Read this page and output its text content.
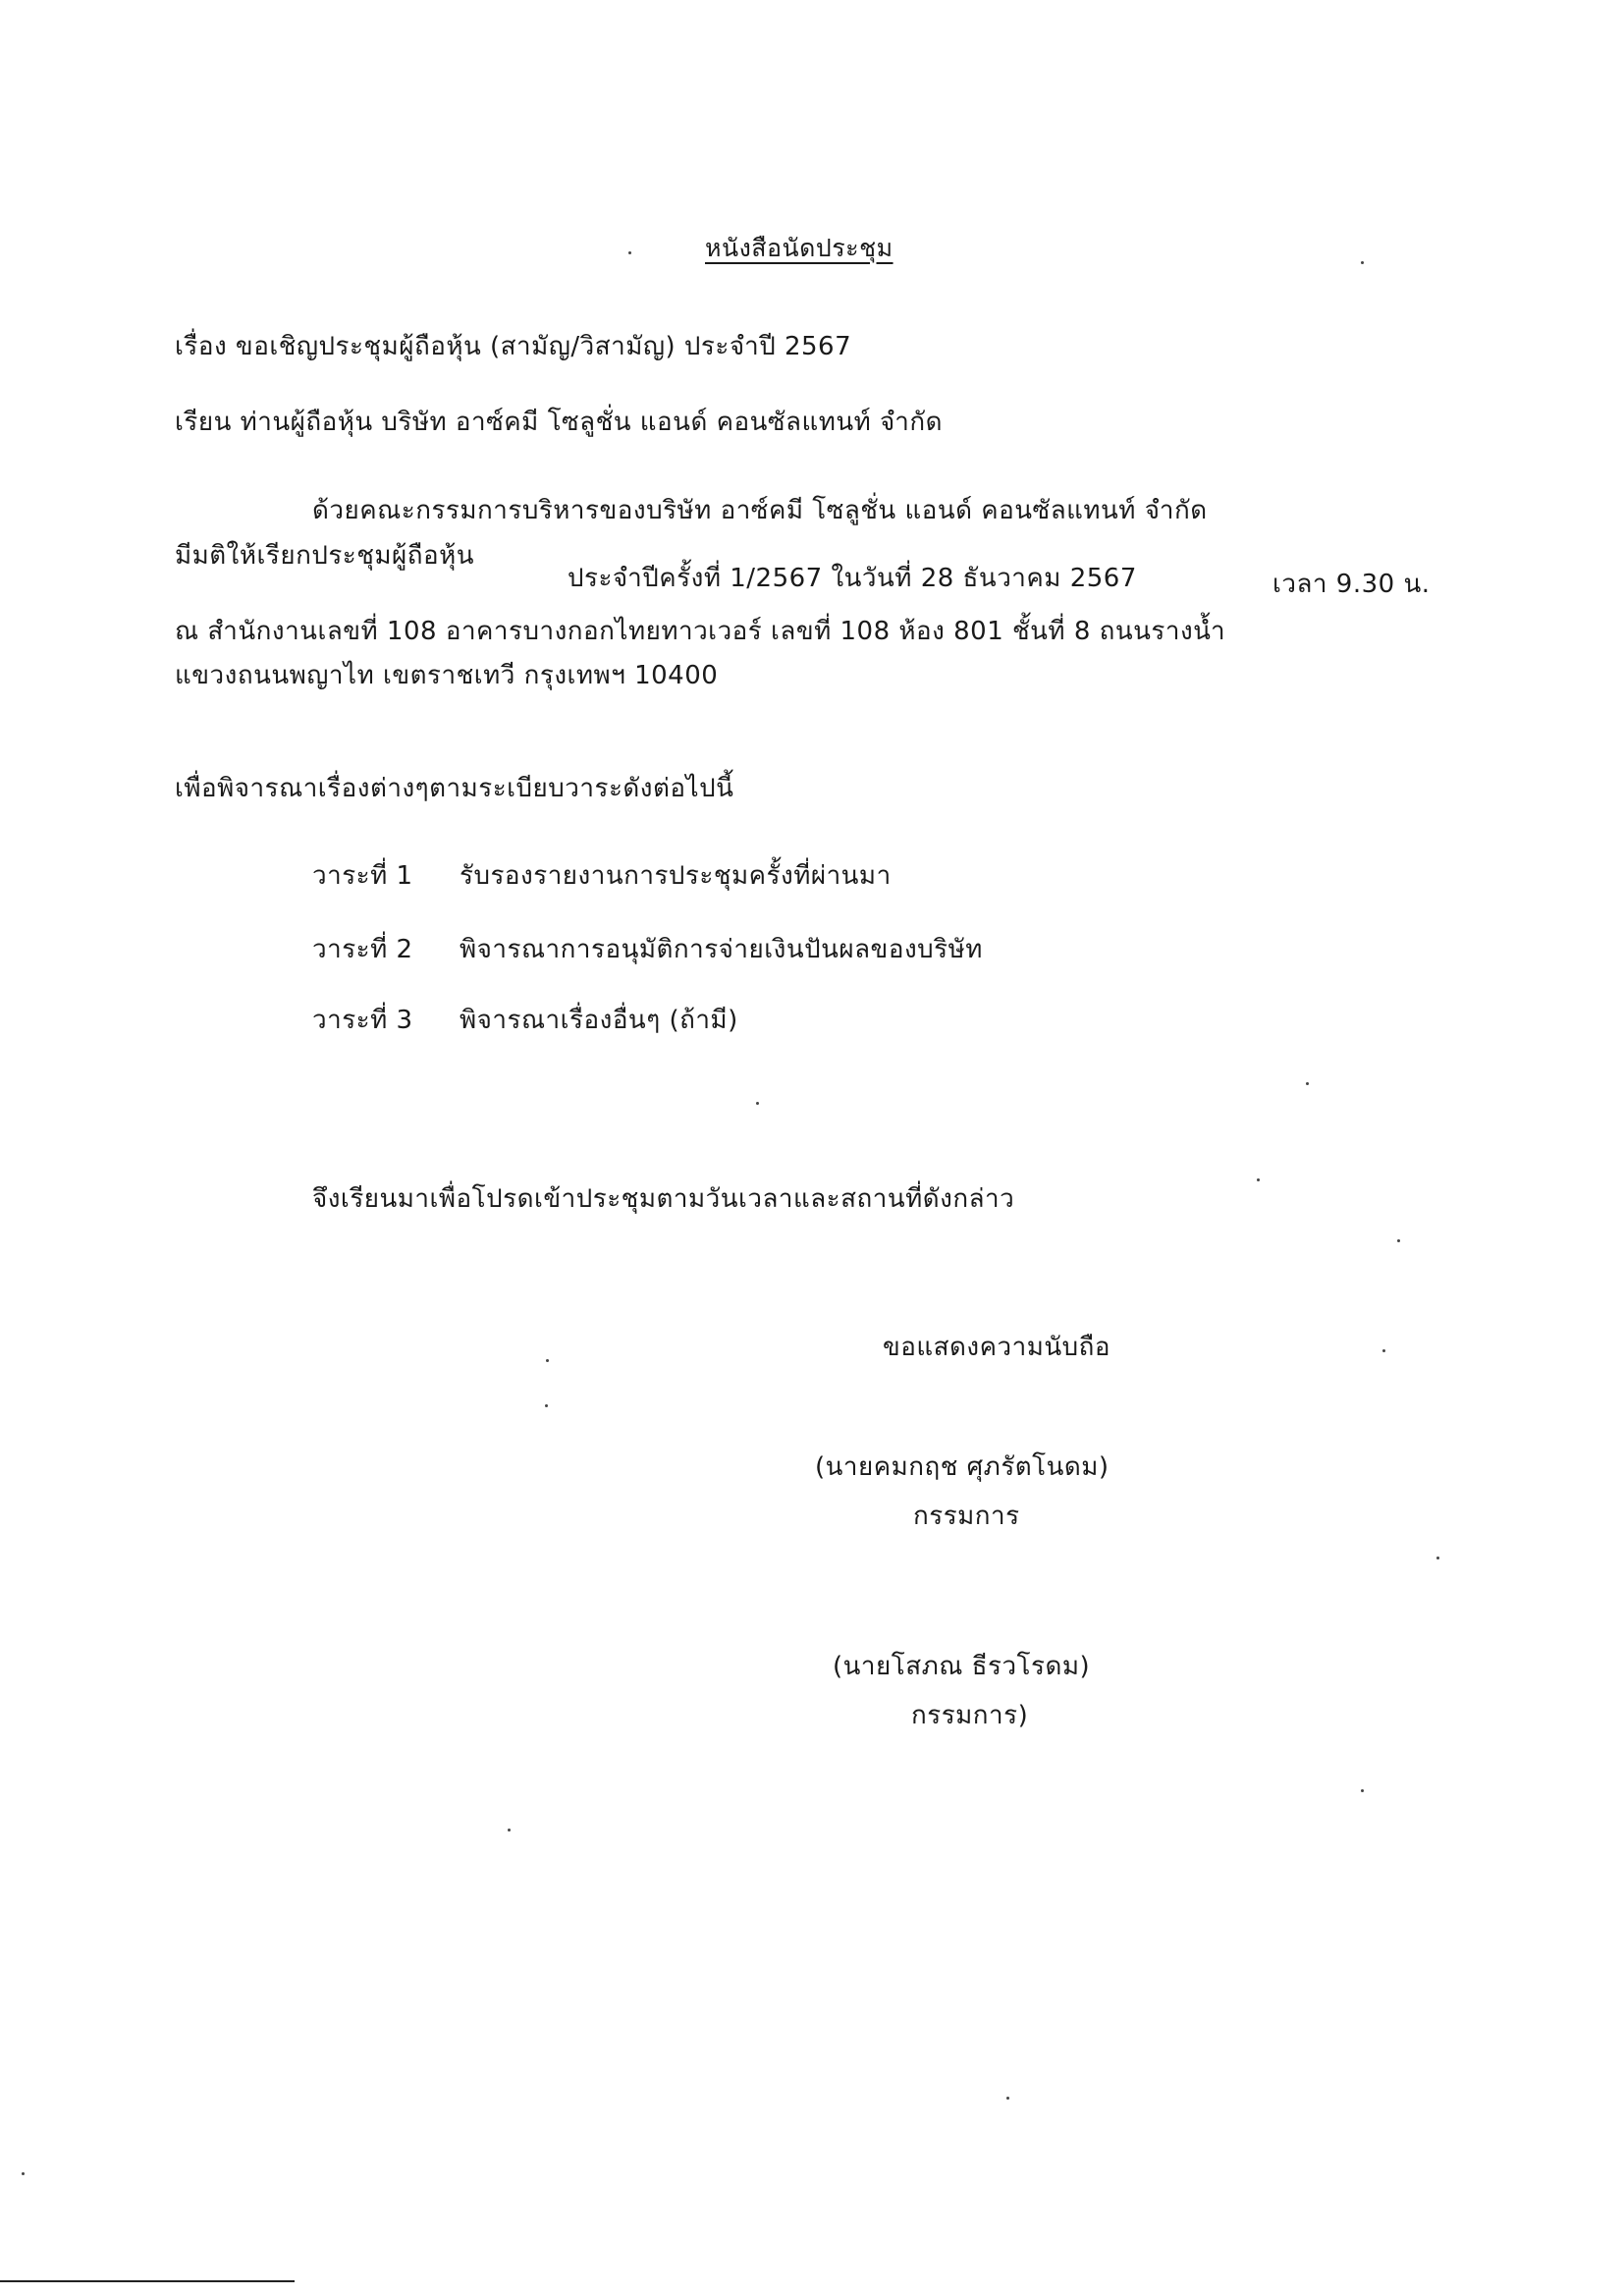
หนังสือนัดประชุม
เรื่อง ขอเชิญประชุมผู้ถือหุ้น (สามัญ/วิสามัญ) ประจำปี 2567
เรียน ท่านผู้ถือหุ้น บริษัท อาซ์คมี โซลูชั่น แอนด์ คอนซัลแทนท์ จำกัด
ด้วยคณะกรรมการบริหารของบริษัท อาซ์คมี โซลูชั่น แอนด์ คอนซัลแทนท์ จำกัด
มีมติให้เรียกประชุมผู้ถือหุ้น
ประจำปีครั้งที่ 1/2567 ในวันที่ 28 ธันวาคม 2567	เวลา 9.30 น.
ณ สำนักงานเลขที่ 108 อาคารบางกอกไทยทาวเวอร์ เลขที่ 108 ห้อง 801 ชั้นที่ 8 ถนนรางน้ำ
แขวงถนนพญาไท เขตราชเทวี กรุงเทพฯ 10400
เพื่อพิจารณาเรื่องต่างๆตามระเบียบวาระดังต่อไปนี้
วาระที่ 1 รับรองรายงานการประชุมครั้งที่ผ่านมา
วาระที่ 2 พิจารณาการอนุมัติการจ่ายเงินปันผลของบริษัท
วาระที่ 3 พิจารณาเรื่องอื่นๆ (ถ้ามี)
จึงเรียนมาเพื่อโปรดเข้าประชุมตามวันเวลาและสถานที่ดังกล่าว
ขอแสดงความนับถือ
(นายคมกฤช ศุภรัตโนดม)
กรรมการ
(นายโสภณ ธีรวโรดม)
กรรมการ)
